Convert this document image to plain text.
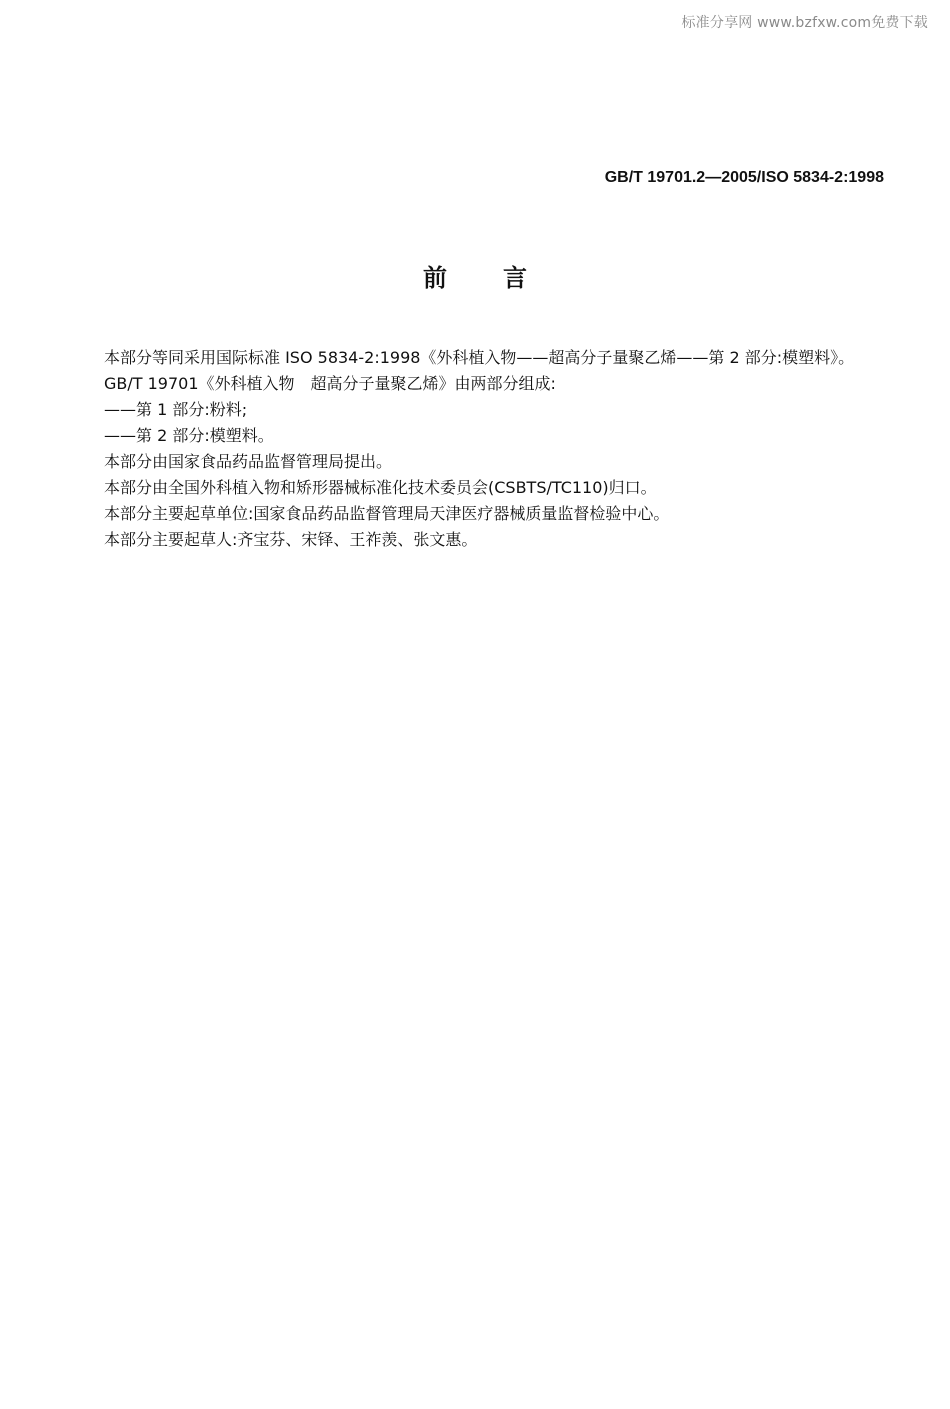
标准分享网 www.bzfxw.com免费下载
GB/T 19701.2—2005/ISO 5834-2:1998
前言

本部分等同采用国际标准 ISO 5834-2:1998《外科植入物——超高分子量聚乙烯——第 2 部分:模塑料》。

GB/T 19701《外科植入物　超高分子量聚乙烯》由两部分组成:

——第 1 部分:粉料;

——第 2 部分:模塑料。

本部分由国家食品药品监督管理局提出。

本部分由全国外科植入物和矫形器械标准化技术委员会(CSBTS/TC110)归口。

本部分主要起草单位:国家食品药品监督管理局天津医疗器械质量监督检验中心。

本部分主要起草人:齐宝芬、宋铎、王祚羡、张文惠。
